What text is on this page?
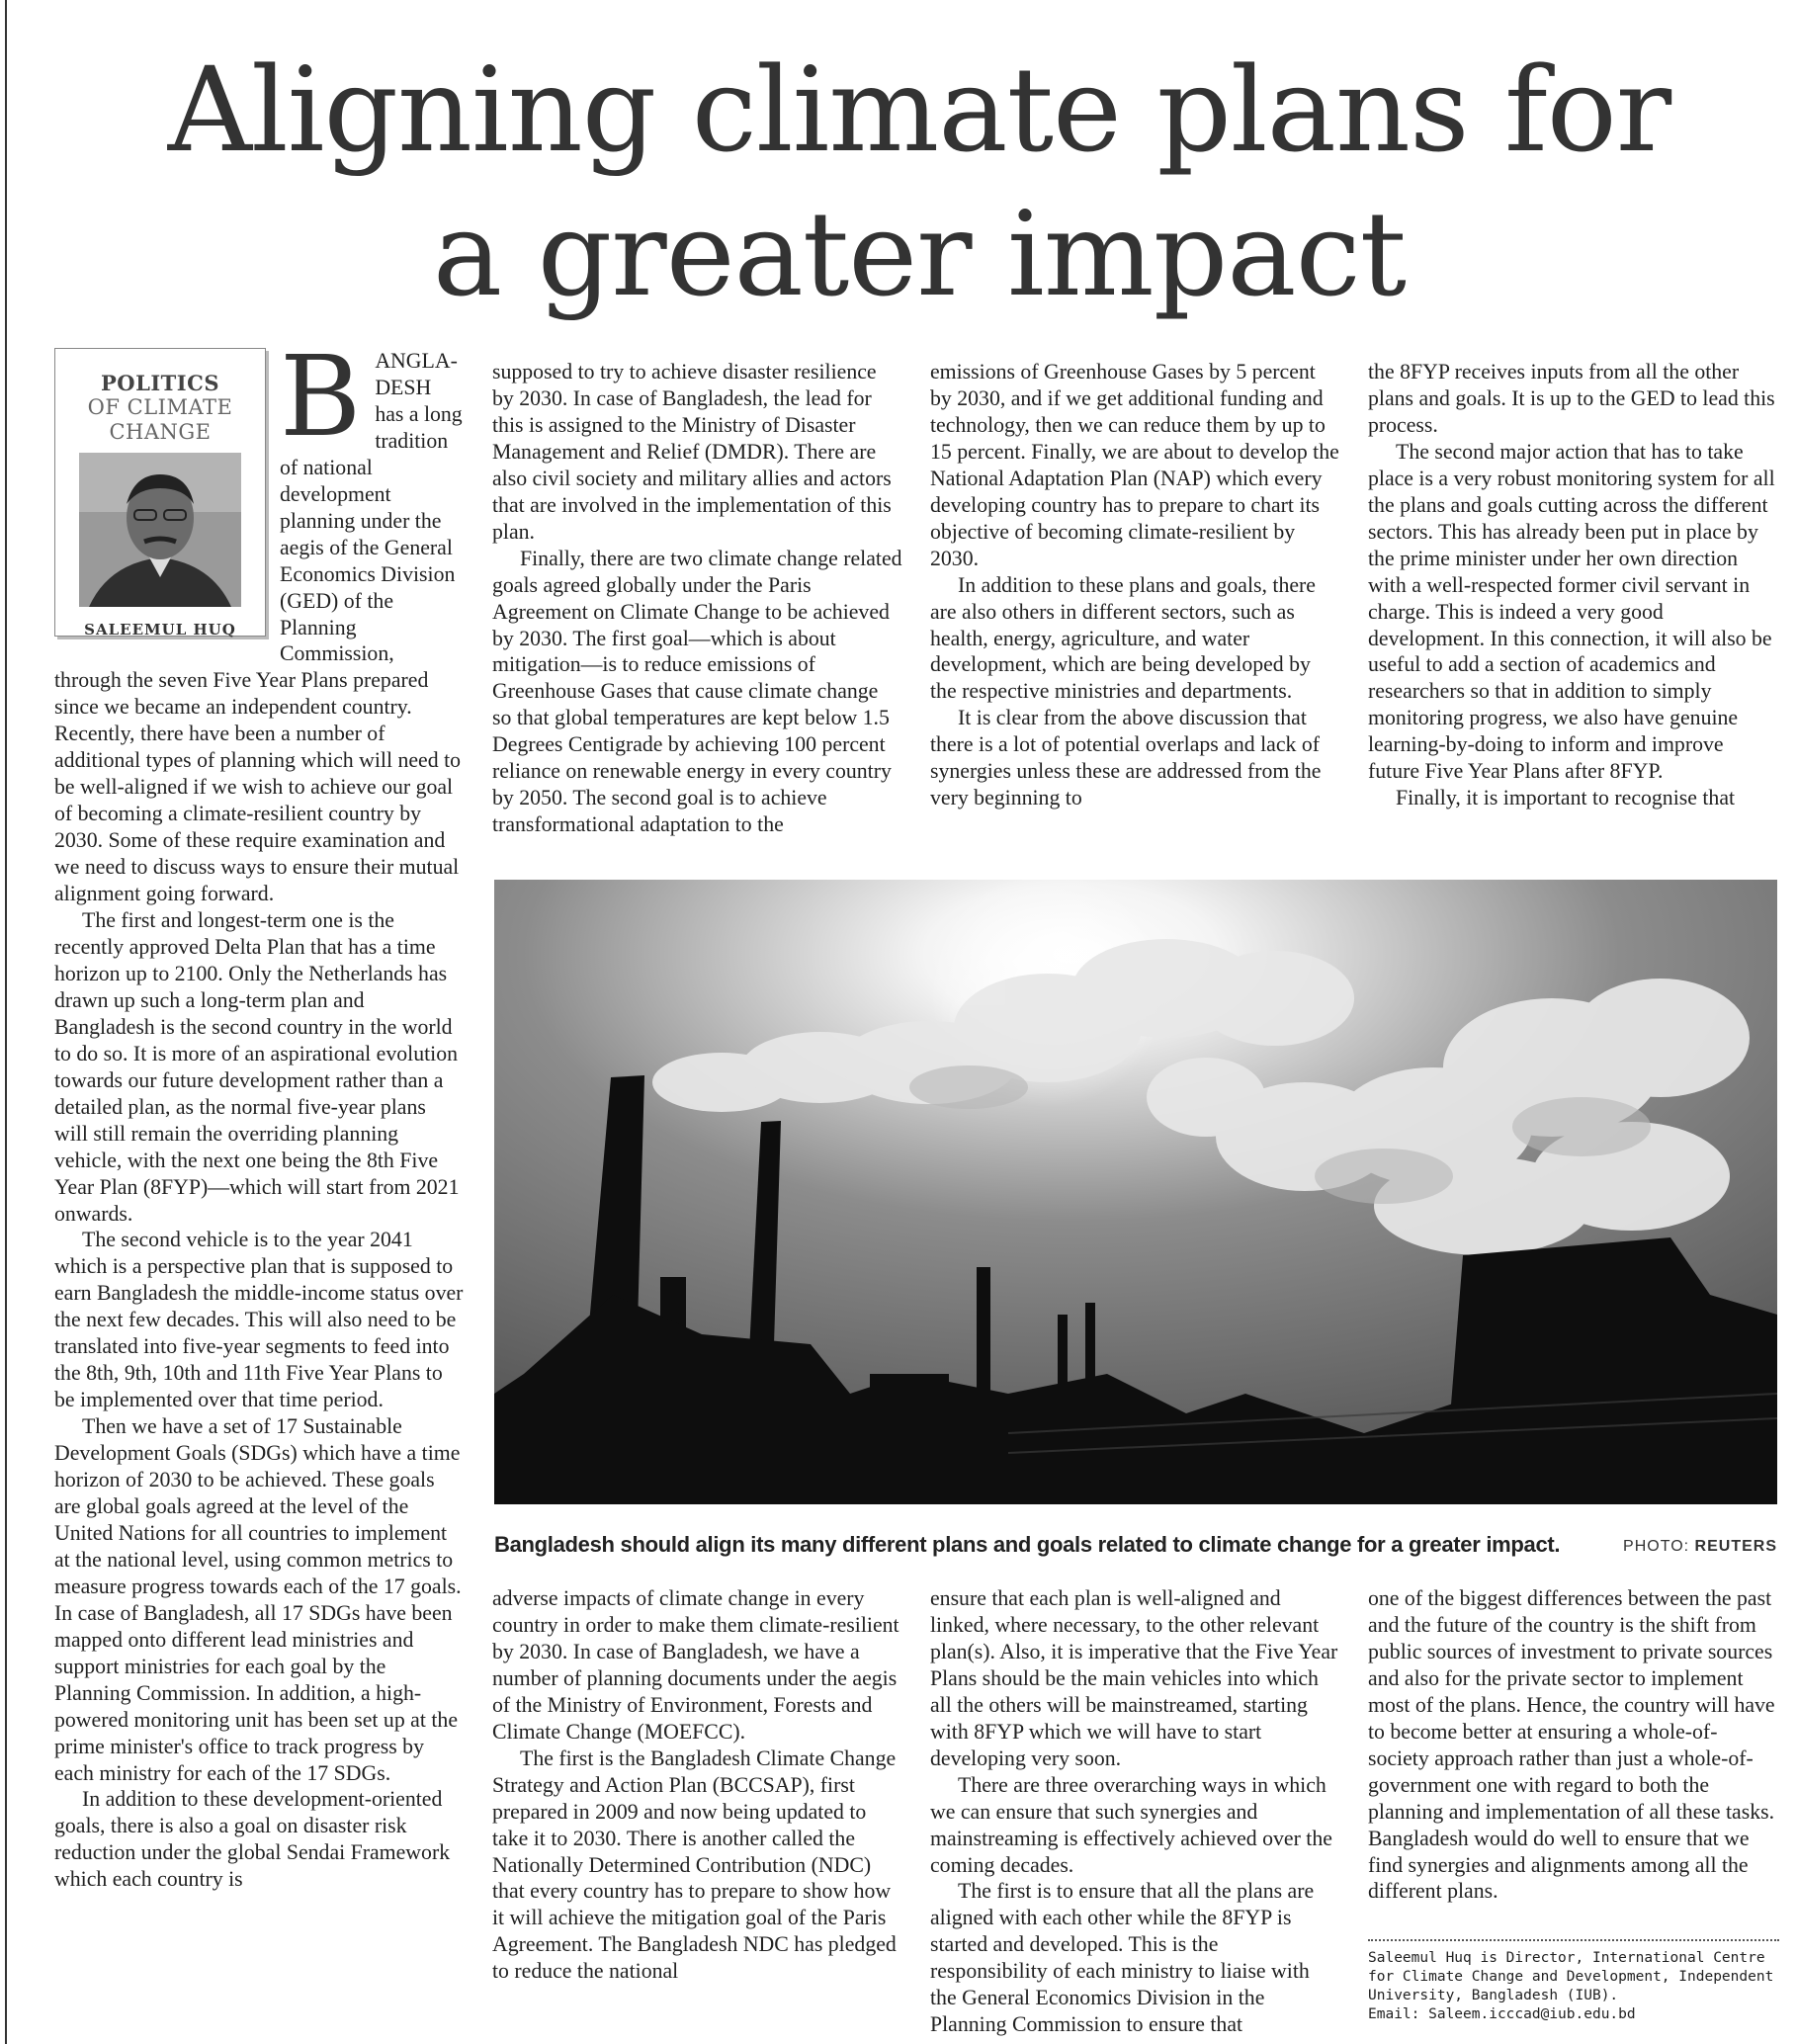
Aligning climate plans for a greater impact
POLITICS
OF CLIMATE
CHANGE
SALEEMUL HUQ

BANGLA-DESH has a long tradition of national development planning under the aegis of the General Economics Division (GED) of the Planning Commission, through the seven Five Year Plans prepared since we became an independent country. Recently, there have been a number of additional types of planning which will need to be well-aligned if we wish to achieve our goal of becoming a climate-resilient country by 2030. Some of these require examination and we need to discuss ways to ensure their mutual alignment going forward.

The first and longest-term one is the recently approved Delta Plan that has a time horizon up to 2100. Only the Netherlands has drawn up such a long-term plan and Bangladesh is the second country in the world to do so. It is more of an aspirational evolution towards our future development rather than a detailed plan, as the normal five-year plans will still remain the overriding planning vehicle, with the next one being the 8th Five Year Plan (8FYP)—which will start from 2021 onwards.

The second vehicle is to the year 2041 which is a perspective plan that is supposed to earn Bangladesh the middle-income status over the next few decades. This will also need to be translated into five-year segments to feed into the 8th, 9th, 10th and 11th Five Year Plans to be implemented over that time period.

Then we have a set of 17 Sustainable Development Goals (SDGs) which have a time horizon of 2030 to be achieved. These goals are global goals agreed at the level of the United Nations for all countries to implement at the national level, using common metrics to measure progress towards each of the 17 goals. In case of Bangladesh, all 17 SDGs have been mapped onto different lead ministries and support ministries for each goal by the Planning Commission. In addition, a high-powered monitoring unit has been set up at the prime minister's office to track progress by each ministry for each of the 17 SDGs.

In addition to these development-oriented goals, there is also a goal on disaster risk reduction under the global Sendai Framework which each country is

supposed to try to achieve disaster resilience by 2030. In case of Bangladesh, the lead for this is assigned to the Ministry of Disaster Management and Relief (DMDR). There are also civil society and military allies and actors that are involved in the implementation of this plan.

Finally, there are two climate change related goals agreed globally under the Paris Agreement on Climate Change to be achieved by 2030. The first goal—which is about mitigation—is to reduce emissions of Greenhouse Gases that cause climate change so that global temperatures are kept below 1.5 Degrees Centigrade by achieving 100 percent reliance on renewable energy in every country by 2050. The second goal is to achieve transformational adaptation to the

emissions of Greenhouse Gases by 5 percent by 2030, and if we get additional funding and technology, then we can reduce them by up to 15 percent. Finally, we are about to develop the National Adaptation Plan (NAP) which every developing country has to prepare to chart its objective of becoming climate-resilient by 2030.

In addition to these plans and goals, there are also others in different sectors, such as health, energy, agriculture, and water development, which are being developed by the respective ministries and departments.

It is clear from the above discussion that there is a lot of potential overlaps and lack of synergies unless these are addressed from the very beginning to

the 8FYP receives inputs from all the other plans and goals. It is up to the GED to lead this process.

The second major action that has to take place is a very robust monitoring system for all the plans and goals cutting across the different sectors. This has already been put in place by the prime minister under her own direction with a well-respected former civil servant in charge. This is indeed a very good development. In this connection, it will also be useful to add a section of academics and researchers so that in addition to simply monitoring progress, we also have genuine learning-by-doing to inform and improve future Five Year Plans after 8FYP.

Finally, it is important to recognise that

Bangladesh should align its many different plans and goals related to climate change for a greater impact.	PHOTO: REUTERS

adverse impacts of climate change in every country in order to make them climate-resilient by 2030. In case of Bangladesh, we have a number of planning documents under the aegis of the Ministry of Environment, Forests and Climate Change (MOEFCC).

The first is the Bangladesh Climate Change Strategy and Action Plan (BCCSAP), first prepared in 2009 and now being updated to take it to 2030. There is another called the Nationally Determined Contribution (NDC) that every country has to prepare to show how it will achieve the mitigation goal of the Paris Agreement. The Bangladesh NDC has pledged to reduce the national

ensure that each plan is well-aligned and linked, where necessary, to the other relevant plan(s). Also, it is imperative that the Five Year Plans should be the main vehicles into which all the others will be mainstreamed, starting with 8FYP which we will have to start developing very soon.

There are three overarching ways in which we can ensure that such synergies and mainstreaming is effectively achieved over the coming decades.

The first is to ensure that all the plans are aligned with each other while the 8FYP is started and developed. This is the responsibility of each ministry to liaise with the General Economics Division in the Planning Commission to ensure that

one of the biggest differences between the past and the future of the country is the shift from public sources of investment to private sources and also for the private sector to implement most of the plans. Hence, the country will have to become better at ensuring a whole-of-society approach rather than just a whole-of-government one with regard to both the planning and implementation of all these tasks. Bangladesh would do well to ensure that we find synergies and alignments among all the different plans.

Saleemul Huq is Director, International Centre for Climate Change and Development, Independent University, Bangladesh (IUB).
Email: Saleem.icccad@iub.edu.bd
